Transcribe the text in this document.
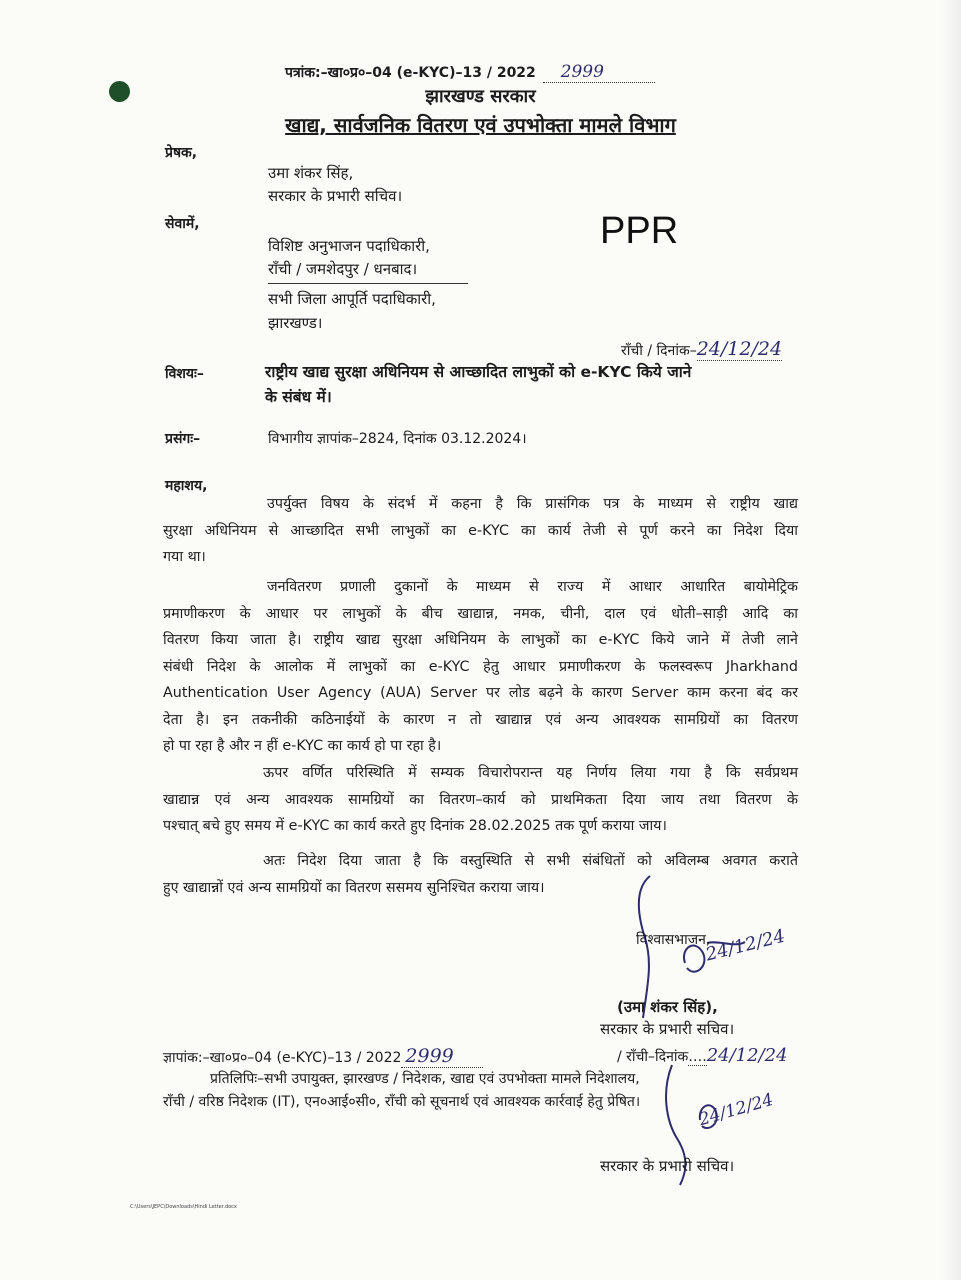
पत्रांक:–खा०प्र०–04 (e-KYC)–13 / 2022 2999
झारखण्ड सरकार
खाद्य, सार्वजनिक वितरण एवं उपभोक्ता मामले विभाग
प्रेषक,
उमा शंकर सिंह,
सरकार के प्रभारी सचिव।
सेवामें,
विशिष्ट अनुभाजन पदाधिकारी,
राँची / जमशेदपुर / धनबाद।
सभी जिला आपूर्ति पदाधिकारी,
झारखण्ड।
PPR
राँची / दिनांक–24/12/24
विशयः–	राष्ट्रीय खाद्य सुरक्षा अधिनियम से आच्छादित लाभुकों को e-KYC किये जाने
के संबंध में।
प्रसंगः–	विभागीय ज्ञापांक–2824, दिनांक 03.12.2024।
महाशय,
उपर्युक्त विषय के संदर्भ में कहना है कि प्रासंगिक पत्र के माध्यम से राष्ट्रीय खाद्य
सुरक्षा अधिनियम से आच्छादित सभी लाभुकों का e-KYC का कार्य तेजी से पूर्ण करने का निदेश दिया
गया था।
जनवितरण प्रणाली दुकानों के माध्यम से राज्य में आधार आधारित बायोमेट्रिक
प्रमाणीकरण के आधार पर लाभुकों के बीच खाद्यान्न, नमक, चीनी, दाल एवं धोती–साड़ी आदि का
वितरण किया जाता है। राष्ट्रीय खाद्य सुरक्षा अधिनियम के लाभुकों का e-KYC किये जाने में तेजी लाने
संबंधी निदेश के आलोक में लाभुकों का e-KYC हेतु आधार प्रमाणीकरण के फलस्वरूप Jharkhand
Authentication User Agency (AUA) Server पर लोड बढ़ने के कारण Server काम करना बंद कर
देता है। इन तकनीकी कठिनाईयों के कारण न तो खाद्यान्न एवं अन्य आवश्यक सामग्रियों का वितरण
हो पा रहा है और न हीं e-KYC का कार्य हो पा रहा है।
ऊपर वर्णित परिस्थिति में सम्यक विचारोपरान्त यह निर्णय लिया गया है कि सर्वप्रथम
खाद्यान्न एवं अन्य आवश्यक सामग्रियों का वितरण–कार्य को प्राथमिकता दिया जाय तथा वितरण के
पश्चात् बचे हुए समय में e-KYC का कार्य करते हुए दिनांक 28.02.2025 तक पूर्ण कराया जाय।
अतः निदेश दिया जाता है कि वस्तुस्थिति से सभी संबंधितों को अविलम्ब अवगत कराते
हुए खाद्यान्नों एवं अन्य सामग्रियों का वितरण ससमय सुनिश्चित कराया जाय।
विश्वासभाजन,
24/12/24
(उमा शंकर सिंह),
सरकार के प्रभारी सचिव।
ज्ञापांक:–खा०प्र०–04 (e-KYC)–13 / 2022 2999	/ राँची–दिनांक….24/12/24
प्रतिलिपिः–सभी उपायुक्त, झारखण्ड / निदेशक, खाद्य एवं उपभोक्ता मामले निदेशालय,
राँची / वरिष्ठ निदेशक (IT), एन०आई०सी०, राँची को सूचनार्थ एवं आवश्यक कार्रवाई हेतु प्रेषित।	24/12/24
सरकार के प्रभारी सचिव।
C:\Users\JEPC\Downloads\Hindi Letter.docx
